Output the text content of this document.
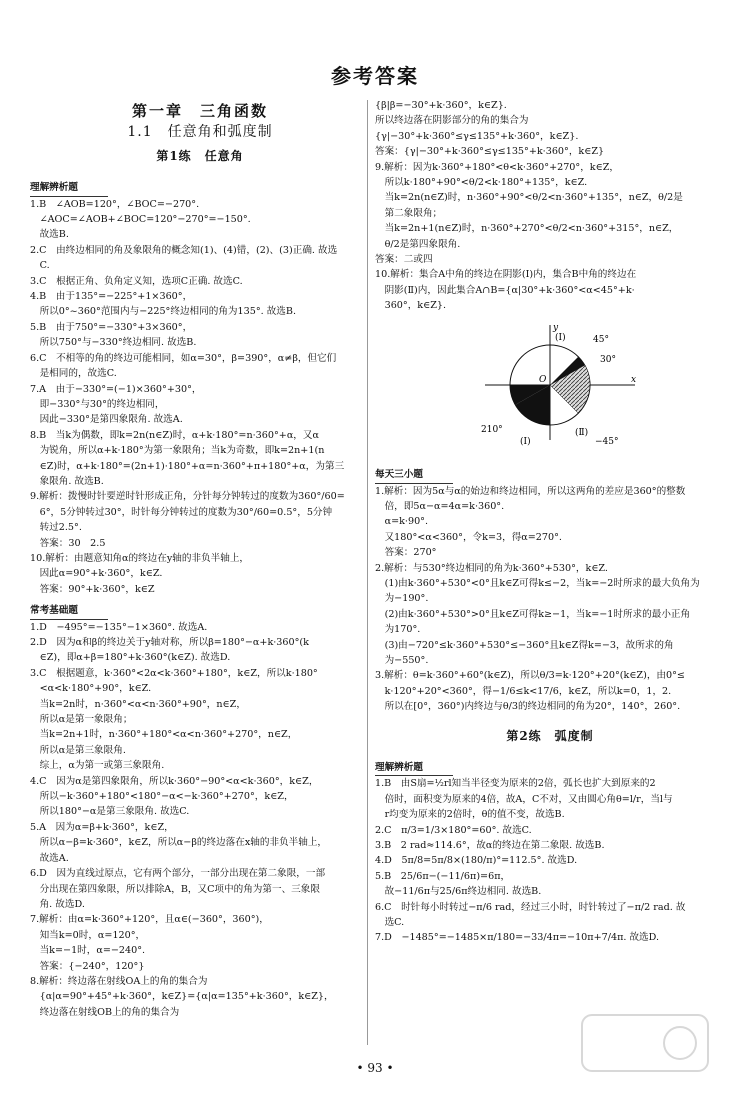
参考答案
第一章　三角函数
1.1　任意角和弧度制
第1练　任意角
理解辨析题
1.B　∠AOB=120°，∠BOC=−270°.
　∠AOC=∠AOB+∠BOC=120°−270°=−150°.
　故选B.
2.C　由终边相同的角及象限角的概念知(1)、(4)错，(2)、(3)正确. 故选
　C.
3.C　根据正角、负角定义知，选项C正确. 故选C.
4.B　由于135°=−225°+1×360°，
　所以0°~360°范围内与−225°终边相同的角为135°. 故选B.
5.B　由于750°=−330°+3×360°，
　所以750°与−330°终边相同. 故选B.
6.C　不相等的角的终边可能相同，如α=30°，β=390°，α≠β，但它们
　是相同的，故选C.
7.A　由于−330°=(−1)×360°+30°，
　即−330°与30°的终边相同，
　因此−330°是第四象限角. 故选A.
8.B　当k为偶数，即k=2n(n∈Z)时，α+k·180°=n·360°+α，又α
　为锐角，所以α+k·180°为第一象限角；当k为奇数，即k=2n+1(n
　∈Z)时，α+k·180°=(2n+1)·180°+α=n·360°+π+180°+α，为第三
　象限角. 故选B.
9.解析：拨慢时针要逆时针形成正角，分针每分钟转过的度数为360°/60=
　6°，5分钟转过30°，时针每分钟转过的度数为30°/60=0.5°，5分钟
　转过2.5°.
　答案：30　2.5
10.解析：由题意知角α的终边在y轴的非负半轴上，
　因此α=90°+k·360°，k∈Z.
　答案：90°+k·360°，k∈Z
常考基础题
1.D　−495°=−135°−1×360°. 故选A.
2.D　因为α和β的终边关于y轴对称，所以β=180°−α+k·360°(k
　∈Z)，即α+β=180°+k·360°(k∈Z). 故选D.
3.C　根据题意，k·360°<2α<k·360°+180°，k∈Z，所以k·180°
　<α<k·180°+90°，k∈Z.
　当k=2n时，n·360°<α<n·360°+90°，n∈Z，
　所以α是第一象限角；
　当k=2n+1时，n·360°+180°<α<n·360°+270°，n∈Z，
　所以α是第三象限角.
　综上，α为第一或第三象限角.
4.C　因为α是第四象限角，所以k·360°−90°<α<k·360°，k∈Z，
　所以−k·360°+180°<180°−α<−k·360°+270°，k∈Z，
　所以180°−α是第三象限角. 故选C.
5.A　因为α=β+k·360°，k∈Z，
　所以α−β=k·360°，k∈Z，所以α−β的终边落在x轴的非负半轴上，
　故选A.
6.D　因为直线过原点，它有两个部分，一部分出现在第二象限，一部
　分出现在第四象限，所以排除A，B，又C项中的角为第一、三象限
　角. 故选D.
7.解析：由α=k·360°+120°，且α∈(−360°，360°)，
　知当k=0时，α=120°，
　当k=−1时，α=−240°.
　答案：{−240°，120°}
8.解析：终边落在射线OA上的角的集合为
　{α|α=90°+45°+k·360°，k∈Z}={α|α=135°+k·360°，k∈Z}，
　终边落在射线OB上的角的集合为
{β|β=−30°+k·360°，k∈Z}.
所以终边落在阴影部分的角的集合为
{γ|−30°+k·360°≤γ≤135°+k·360°，k∈Z}.
答案：{γ|−30°+k·360°≤γ≤135°+k·360°，k∈Z}
9.解析：因为k·360°+180°<θ<k·360°+270°，k∈Z，
　所以k·180°+90°<θ/2<k·180°+135°，k∈Z.
　当k=2n(n∈Z)时，n·360°+90°<θ/2<n·360°+135°，n∈Z，θ/2是
　第二象限角；
　当k=2n+1(n∈Z)时，n·360°+270°<θ/2<n·360°+315°，n∈Z，
　θ/2是第四象限角.
答案：二或四
10.解析：集合A中角的终边在阴影(Ⅰ)内，集合B中角的终边在
　阴影(Ⅱ)内，因此集合A∩B={α|30°+k·360°<α<45°+k·
　360°，k∈Z}.
(Ⅰ)	45°
30°
x
y
O
210°
(Ⅰ)
(Ⅱ)
−45°
每天三小题
1.解析：因为5α与α的始边和终边相同，所以这两角的差应是360°的整数
　倍，即5α−α=4α=k·360°.
　α=k·90°.
　又180°<α<360°，令k=3，得α=270°.
　答案：270°
2.解析：与530°终边相同的角为k·360°+530°，k∈Z.
　(1)由k·360°+530°<0°且k∈Z可得k≤−2，当k=−2时所求的最大负角为
　为−190°.
　(2)由k·360°+530°>0°且k∈Z可得k≥−1，当k=−1时所求的最小正角
　为170°.
　(3)由−720°≤k·360°+530°≤−360°且k∈Z得k=−3，故所求的角
　为−550°.
3.解析：θ=k·360°+60°(k∈Z)，所以θ/3=k·120°+20°(k∈Z)，由0°≤
　k·120°+20°<360°，得−1/6≤k<17/6，k∈Z，所以k=0，1，2.
　所以在[0°，360°)内终边与θ/3的终边相同的角为20°，140°，260°.
第2练　弧度制
理解辨析题
1.B　由S扇=½rl知当半径变为原来的2倍，弧长也扩大到原来的2
　倍时，面积变为原来的4倍，故A，C不对，又由圆心角θ=l/r，当l与
　r均变为原来的2倍时，θ的值不变，故选B.
2.C　π/3=1/3×180°=60°. 故选C.
3.B　2 rad≈114.6°，故α的终边在第二象限. 故选B.
4.D　5π/8=5π/8×(180/π)°=112.5°. 故选D.
5.B　25/6π−(−11/6π)=6π，
　故−11/6π与25/6π终边相同. 故选B.
6.C　时针每小时转过−π/6 rad，经过三小时，时针转过了−π/2 rad. 故
　选C.
7.D　−1485°=−1485×π/180=−33/4π=−10π+7/4π. 故选D.
• 93 •
